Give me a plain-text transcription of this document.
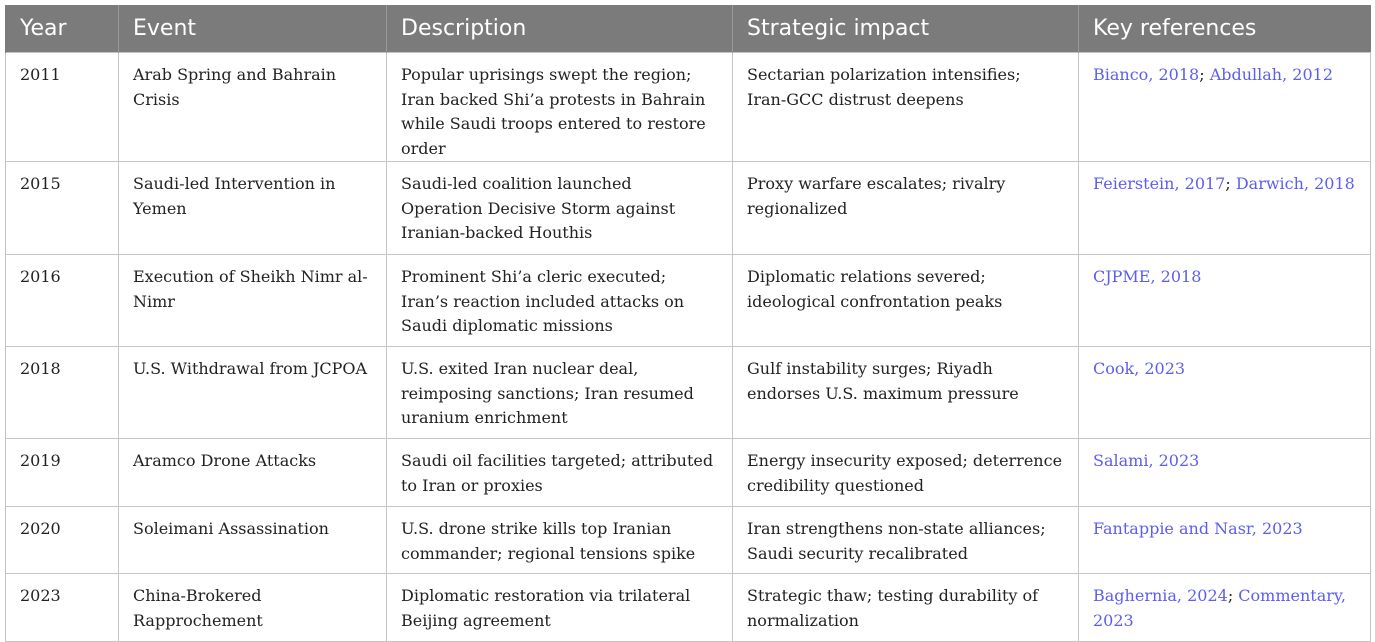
Year	Event	Description	Strategic impact	Key references
2011	Arab Spring and Bahrain Crisis	Popular uprisings swept the region; Iran backed Shi’a protests in Bahrain while Saudi troops entered to restore order	Sectarian polarization intensifies; Iran-GCC distrust deepens	Bianco, 2018; Abdullah, 2012
2015	Saudi-led Intervention in Yemen	Saudi-led coalition launched Operation Decisive Storm against Iranian-backed Houthis	Proxy warfare escalates; rivalry regionalized	Feierstein, 2017; Darwich, 2018
2016	Execution of Sheikh Nimr al-Nimr	Prominent Shi’a cleric executed; Iran’s reaction included attacks on Saudi diplomatic missions	Diplomatic relations severed; ideological confrontation peaks	CJPME, 2018
2018	U.S. Withdrawal from JCPOA	U.S. exited Iran nuclear deal, reimposing sanctions; Iran resumed uranium enrichment	Gulf instability surges; Riyadh endorses U.S. maximum pressure	Cook, 2023
2019	Aramco Drone Attacks	Saudi oil facilities targeted; attributed to Iran or proxies	Energy insecurity exposed; deterrence credibility questioned	Salami, 2023
2020	Soleimani Assassination	U.S. drone strike kills top Iranian commander; regional tensions spike	Iran strengthens non-state alliances; Saudi security recalibrated	Fantappie and Nasr, 2023
2023	China-Brokered Rapprochement	Diplomatic restoration via trilateral Beijing agreement	Strategic thaw; testing durability of normalization	Baghernia, 2024; Commentary, 2023
